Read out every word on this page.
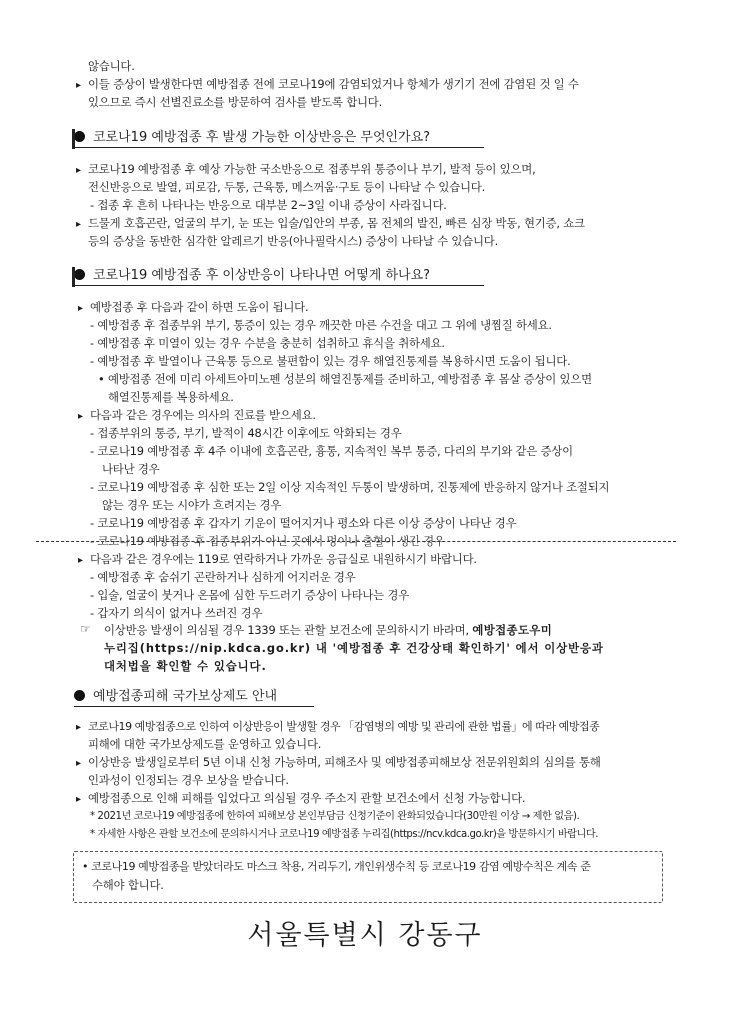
않습니다.
▸ 이들 증상이 발생한다면 예방접종 전에 코로나19에 감염되었거나 항체가 생기기 전에 감염된 것 일 수
있으므로 즉시 선별진료소를 방문하여 검사를 받도록 합니다.
코로나19 예방접종 후 발생 가능한 이상반응은 무엇인가요?
▸ 코로나19 예방접종 후 예상 가능한 국소반응으로 접종부위 통증이나 부기, 발적 등이 있으며,
전신반응으로 발열, 피로감, 두통, 근육통, 메스꺼움·구토 등이 나타날 수 있습니다.
- 접종 후 흔히 나타나는 반응으로 대부분 2~3일 이내 증상이 사라집니다.
▸ 드물게 호흡곤란, 얼굴의 부기, 눈 또는 입술/입안의 부종, 몸 전체의 발진, 빠른 심장 박동, 현기증, 쇼크
등의 증상을 동반한 심각한 알레르기 반응(아나필락시스) 증상이 나타날 수 있습니다.
코로나19 예방접종 후 이상반응이 나타나면 어떻게 하나요?
▸ 예방접종 후 다음과 같이 하면 도움이 됩니다.
- 예방접종 후 접종부위 부기, 통증이 있는 경우 깨끗한 마른 수건을 대고 그 위에 냉찜질 하세요.
- 예방접종 후 미열이 있는 경우 수분을 충분히 섭취하고 휴식을 취하세요.
- 예방접종 후 발열이나 근육통 등으로 불편함이 있는 경우 해열진통제를 복용하시면 도움이 됩니다.
• 예방접종 전에 미리 아세트아미노펜 성분의 해열진통제를 준비하고, 예방접종 후 몸살 증상이 있으면
해열진통제를 복용하세요.
▸ 다음과 같은 경우에는 의사의 진료를 받으세요.
- 접종부위의 통증, 부기, 발적이 48시간 이후에도 악화되는 경우
- 코로나19 예방접종 후 4주 이내에 호흡곤란, 흉통, 지속적인 복부 통증, 다리의 부기와 같은 증상이
나타난 경우
- 코로나19 예방접종 후 심한 또는 2일 이상 지속적인 두통이 발생하며, 진통제에 반응하지 않거나 조절되지
않는 경우 또는 시야가 흐려지는 경우
- 코로나19 예방접종 후 갑자기 기운이 떨어지거나 평소와 다른 이상 증상이 나타난 경우
- 코로나19 예방접종 후 접종부위가 아닌 곳에서 멍이나 출혈이 생긴 경우
▸ 다음과 같은 경우에는 119로 연락하거나 가까운 응급실로 내원하시기 바랍니다.
- 예방접종 후 숨쉬기 곤란하거나 심하게 어지러운 경우
- 입술, 얼굴이 붓거나 온몸에 심한 두드러기 증상이 나타나는 경우
- 갑자기 의식이 없거나 쓰러진 경우
☞ 이상반응 발생이 의심될 경우 1339 또는 관할 보건소에 문의하시기 바라며, 예방접종도우미
누리집(https://nip.kdca.go.kr) 내 '예방접종 후 건강상태 확인하기' 에서 이상반응과
대처법을 확인할 수 있습니다.
예방접종피해 국가보상제도 안내
▸ 코로나19 예방접종으로 인하여 이상반응이 발생할 경우 「감염병의 예방 및 관리에 관한 법률」에 따라 예방접종
피해에 대한 국가보상제도를 운영하고 있습니다.
▸ 이상반응 발생일로부터 5년 이내 신청 가능하며, 피해조사 및 예방접종피해보상 전문위원회의 심의를 통해
인과성이 인정되는 경우 보상을 받습니다.
▸ 예방접종으로 인해 피해를 입었다고 의심될 경우 주소지 관할 보건소에서 신청 가능합니다.
* 2021년 코로나19 예방접종에 한하여 피해보상 본인부담금 신청기준이 완화되었습니다(30만원 이상 → 제한 없음).
* 자세한 사항은 관할 보건소에 문의하시거나 코로나19 예방접종 누리집(https://ncv.kdca.go.kr)을 방문하시기 바랍니다.
• 코로나19 예방접종을 받았더라도 마스크 착용, 거리두기, 개인위생수칙 등 코로나19 감염 예방수칙은 계속 준
수해야 합니다.
서울특별시 강동구
